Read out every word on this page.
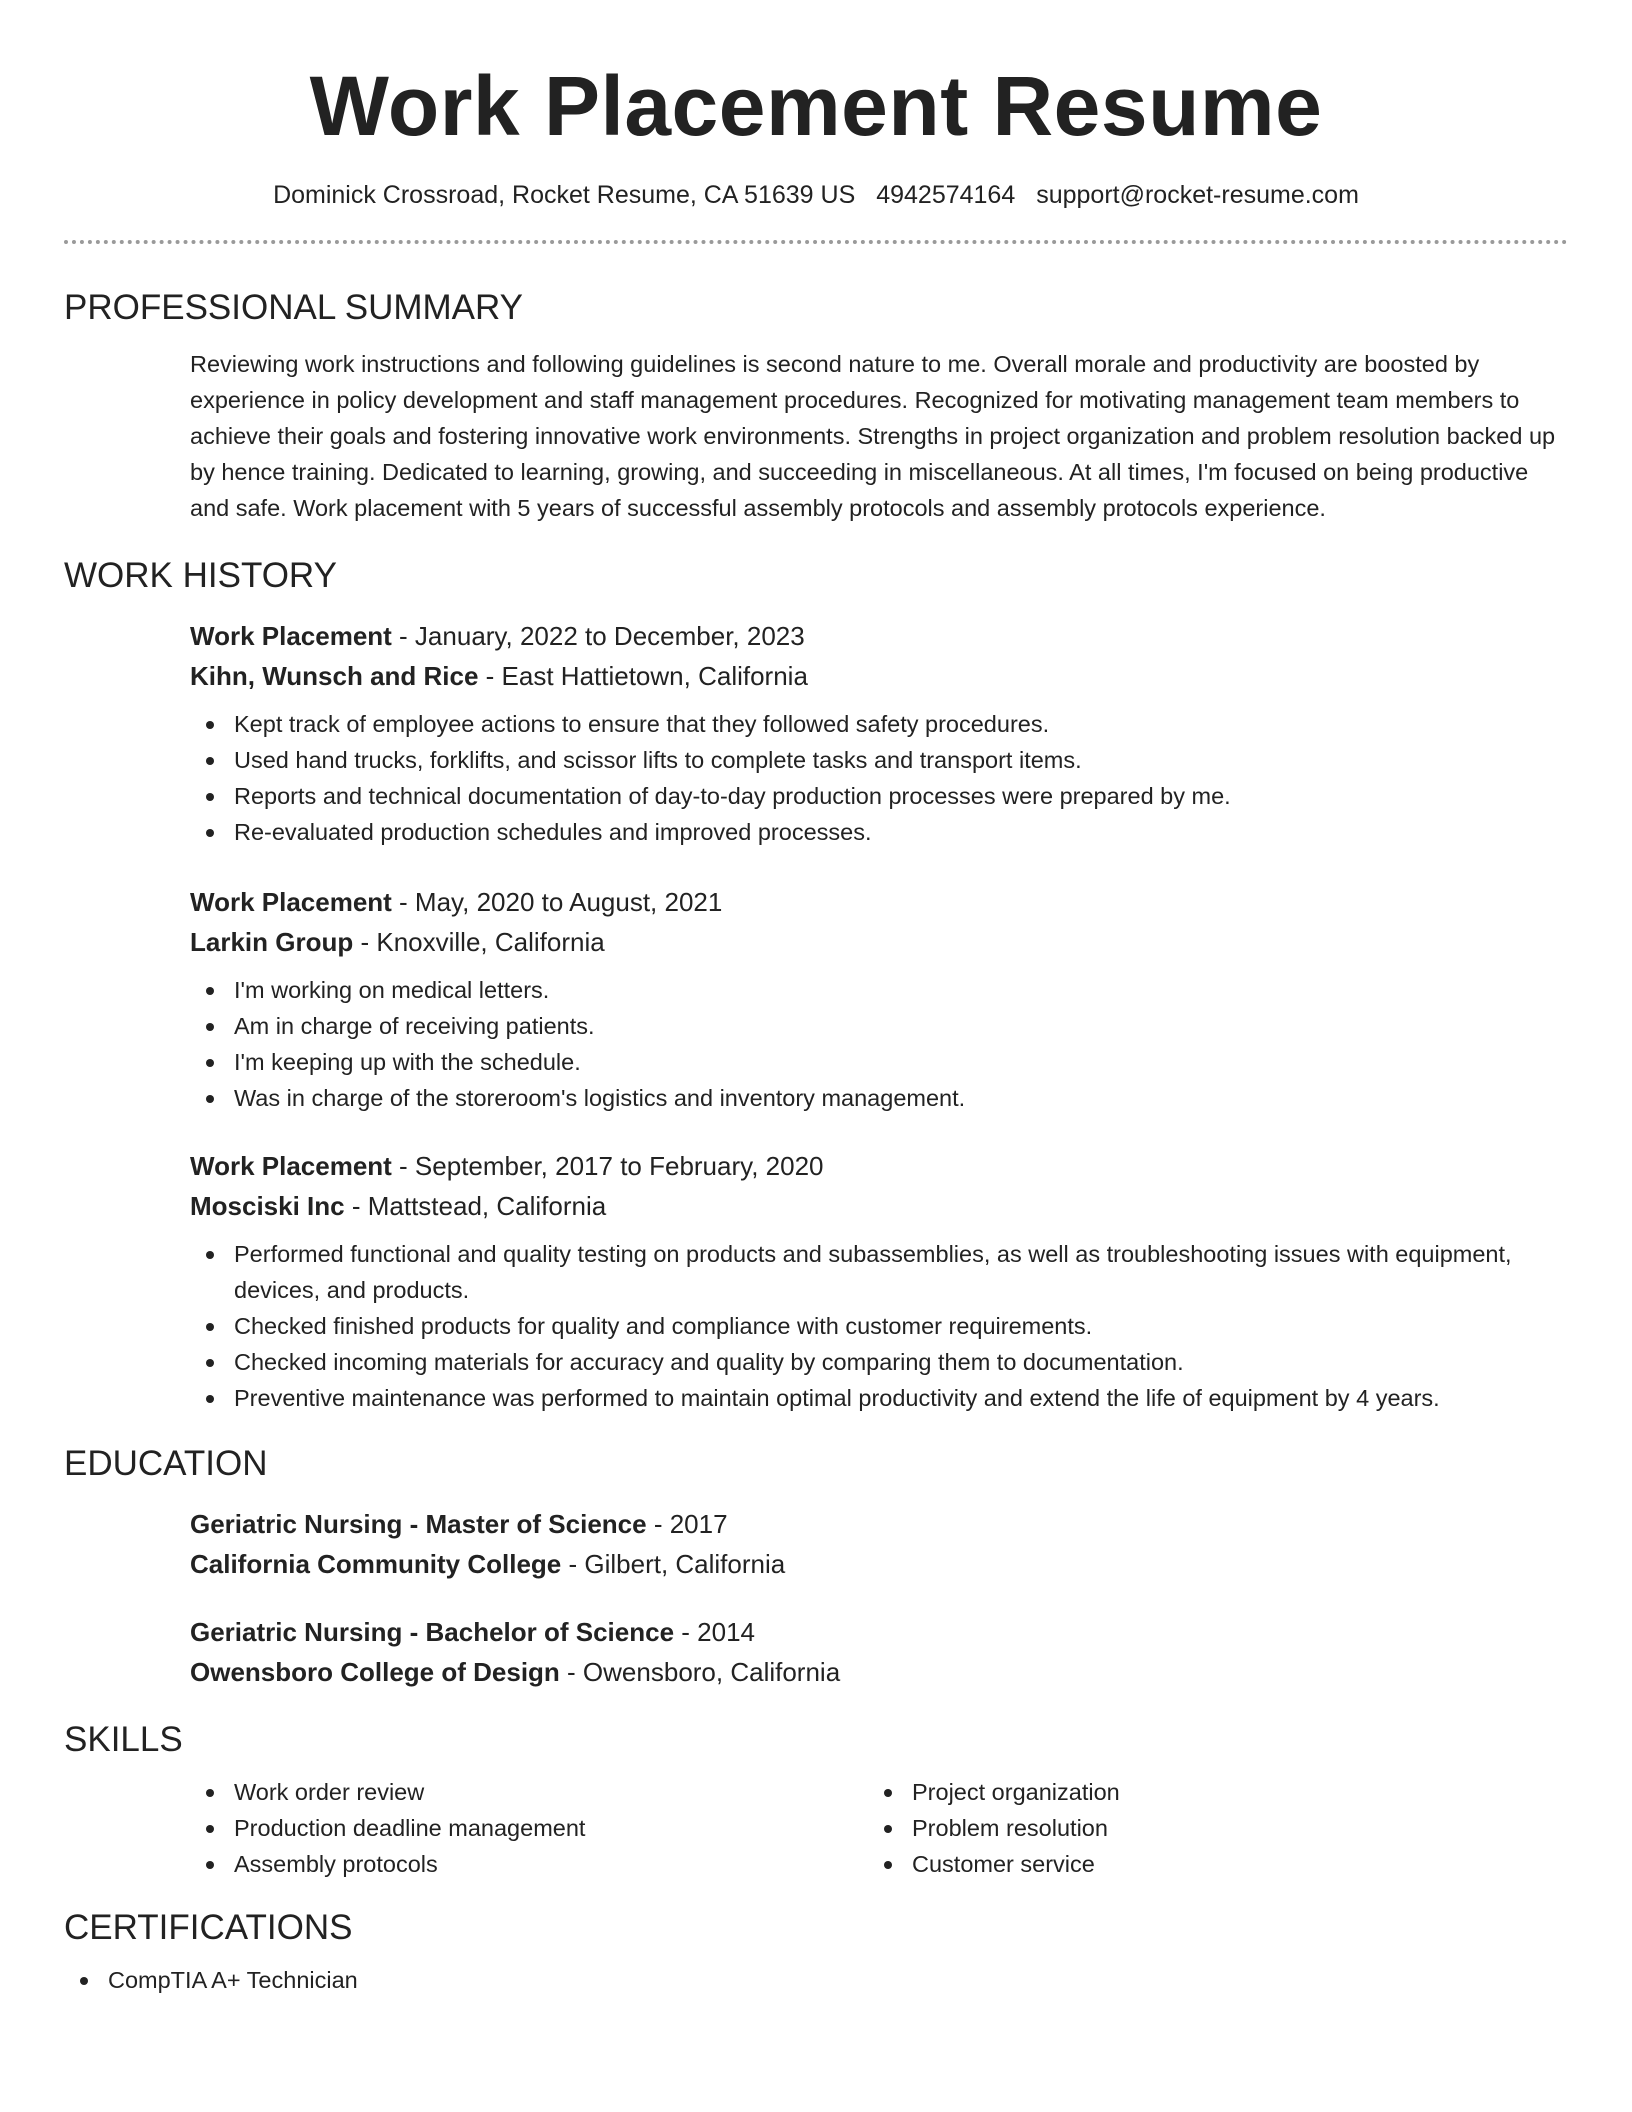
Work Placement Resume
Dominick Crossroad, Rocket Resume, CA 51639 US 4942574164 support@rocket-resume.com
PROFESSIONAL SUMMARY

Reviewing work instructions and following guidelines is second nature to me. Overall morale and productivity are boosted by experience in policy development and staff management procedures. Recognized for motivating management team members to achieve their goals and fostering innovative work environments. Strengths in project organization and problem resolution backed up by hence training. Dedicated to learning, growing, and succeeding in miscellaneous. At all times, I'm focused on being productive and safe. Work placement with 5 years of successful assembly protocols and assembly protocols experience.

WORK HISTORY
Work Placement - January, 2022 to December, 2023
Kihn, Wunsch and Rice - East Hattietown, California
Kept track of employee actions to ensure that they followed safety procedures.
Used hand trucks, forklifts, and scissor lifts to complete tasks and transport items.
Reports and technical documentation of day-to-day production processes were prepared by me.
Re-evaluated production schedules and improved processes.
Work Placement - May, 2020 to August, 2021
Larkin Group - Knoxville, California
I'm working on medical letters.
Am in charge of receiving patients.
I'm keeping up with the schedule.
Was in charge of the storeroom's logistics and inventory management.
Work Placement - September, 2017 to February, 2020
Mosciski Inc - Mattstead, California
Performed functional and quality testing on products and subassemblies, as well as troubleshooting issues with equipment, devices, and products.
Checked finished products for quality and compliance with customer requirements.
Checked incoming materials for accuracy and quality by comparing them to documentation.
Preventive maintenance was performed to maintain optimal productivity and extend the life of equipment by 4 years.
EDUCATION
Geriatric Nursing - Master of Science - 2017
California Community College - Gilbert, California
Geriatric Nursing - Bachelor of Science - 2014
Owensboro College of Design - Owensboro, California
SKILLS
Work order review
Production deadline management
Assembly protocols
Project organization
Problem resolution
Customer service
CERTIFICATIONS
CompTIA A+ Technician
